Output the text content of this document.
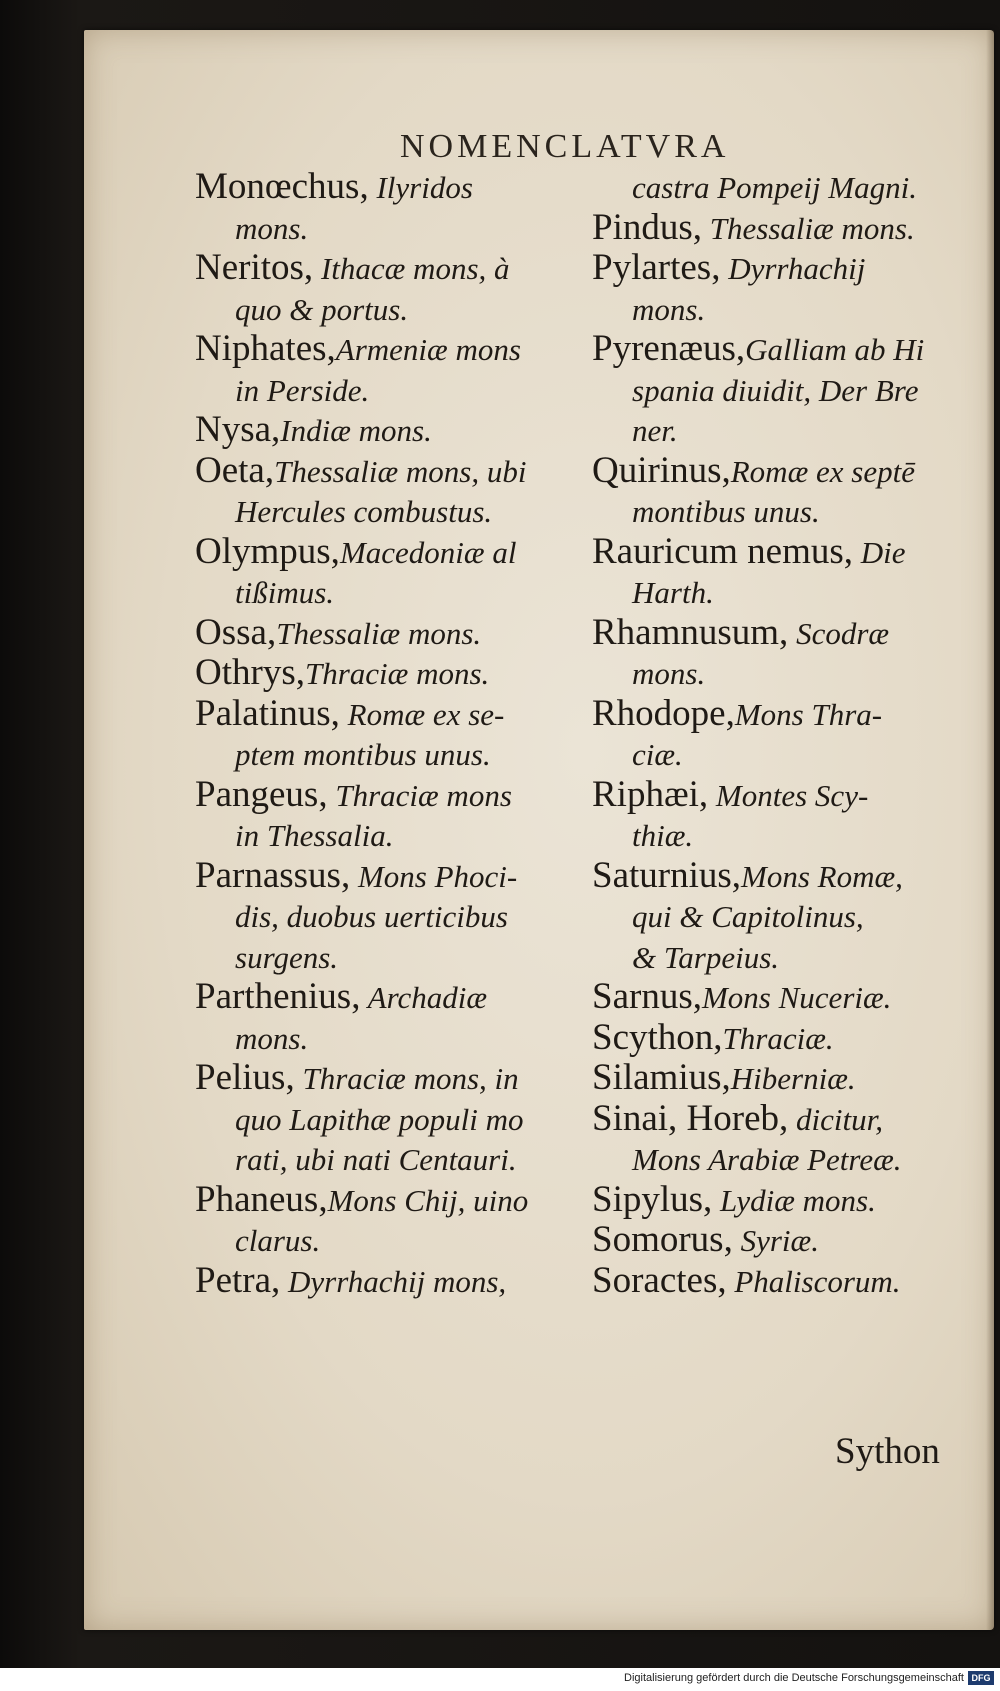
NOMENCLATVRA
Monœchus, Ilyridos
mons.
Neritos, Ithacæ mons, à
quo & portus.
Niphates,Armeniæ mons
in Perside.
Nysa,Indiæ mons.
Oeta,Thessaliæ mons, ubi
Hercules combustus.
Olympus,Macedoniæ al
tißimus.
Ossa,Thessaliæ mons.
Othrys,Thraciæ mons.
Palatinus, Romæ ex se-
ptem montibus unus.
Pangeus, Thraciæ mons
in Thessalia.
Parnassus, Mons Phoci-
dis, duobus uerticibus
surgens.
Parthenius, Archadiæ
mons.
Pelius, Thraciæ mons, in
quo Lapithæ populi mo
rati, ubi nati Centauri.
Phaneus,Mons Chij, uino
clarus.
Petra, Dyrrhachij mons,
castra Pompeij Magni.
Pindus, Thessaliæ mons.
Pylartes, Dyrrhachij
mons.
Pyrenæus,Galliam ab Hi
spania diuidit, Der Bre
ner.
Quirinus,Romæ ex septē
montibus unus.
Rauricum nemus, Die
Harth.
Rhamnusum, Scodræ
mons.
Rhodope,Mons Thra-
ciæ.
Riphæi, Montes Scy-
thiæ.
Saturnius,Mons Romæ,
qui & Capitolinus,
& Tarpeius.
Sarnus,Mons Nuceriæ.
Scython,Thraciæ.
Silamius,Hiberniæ.
Sinai, Horeb, dicitur,
Mons Arabiæ Petreæ.
Sipylus, Lydiæ mons.
Somorus, Syriæ.
Soractes, Phaliscorum.
Sython
Digitalisierung gefördert durch die Deutsche Forschungsgemeinschaft DFG
